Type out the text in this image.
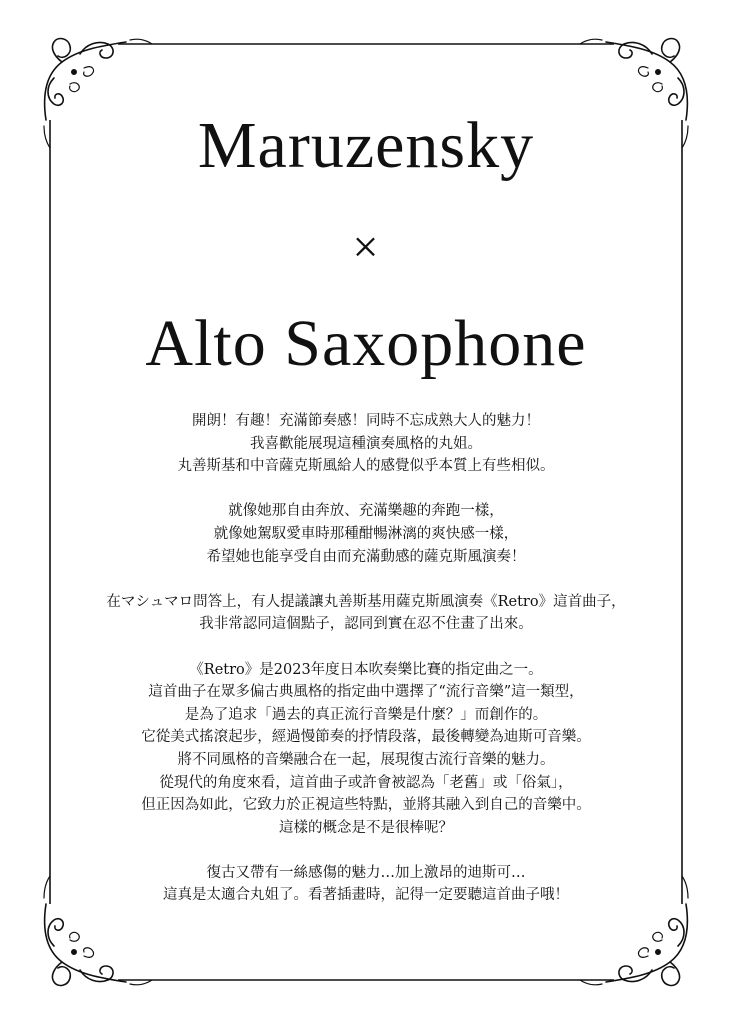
Maruzensky
×
Alto Saxophone
開朗！有趣！充滿節奏感！同時不忘成熟大人的魅力！
我喜歡能展現這種演奏風格的丸姐。
丸善斯基和中音薩克斯風給人的感覺似乎本質上有些相似。
就像她那自由奔放、充滿樂趣的奔跑一樣，
就像她駕馭愛車時那種酣暢淋漓的爽快感一樣，
希望她也能享受自由而充滿動感的薩克斯風演奏！
在マシュマロ問答上，有人提議讓丸善斯基用薩克斯風演奏《Retro》這首曲子，
我非常認同這個點子，認同到實在忍不住畫了出來。
《Retro》是2023年度日本吹奏樂比賽的指定曲之一。
這首曲子在眾多偏古典風格的指定曲中選擇了“流行音樂”這一類型，
是為了追求「過去的真正流行音樂是什麼？」而創作的。
它從美式搖滾起步，經過慢節奏的抒情段落，最後轉變為迪斯可音樂。
將不同風格的音樂融合在一起，展現復古流行音樂的魅力。
從現代的角度來看，這首曲子或許會被認為「老舊」或「俗氣」，
但正因為如此，它致力於正視這些特點，並將其融入到自己的音樂中。
這樣的概念是不是很棒呢？
復古又帶有一絲感傷的魅力…加上激昂的迪斯可…
這真是太適合丸姐了。看著插畫時，記得一定要聽這首曲子哦！
